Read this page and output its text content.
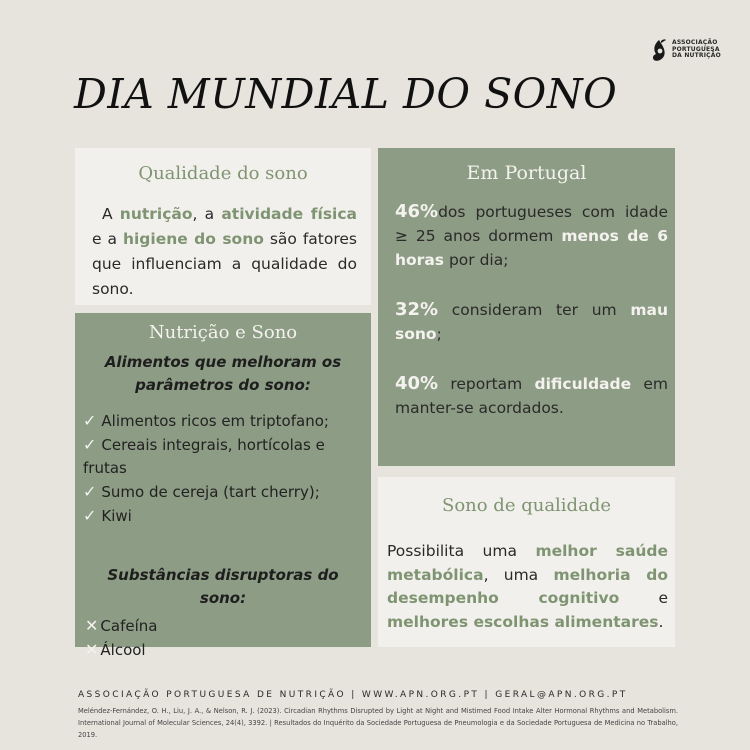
ASSOCIAÇÃO
PORTUGUESA
DA NUTRIÇÃO
DIA MUNDIAL DO SONO
Qualidade do sono

A nutrição, a atividade física e a higiene do sono são fatores que influenciam a qualidade do sono.

Em Portugal

46%dos portugueses com idade ≥ 25 anos dormem menos de 6 horas por dia;

32% consideram ter um mau sono;

40% reportam dificuldade em manter-se acordados.

Nutrição e Sono

Alimentos que melhoram os parâmetros do sono:

✓ Alimentos ricos em triptofano;
✓ Cereais integrais, hortícolas e frutas
✓ Sumo de cereja (tart cherry);
✓ Kiwi

Substâncias disruptoras do sono:

✕ Cafeína
✕ Álcool
Sono de qualidade

Possibilita uma melhor saúde metabólica, uma melhoria do desempenho cognitivo e melhores escolhas alimentares.

ASSOCIAÇÃO PORTUGUESA DE NUTRIÇÃO | WWW.APN.ORG.PT | GERAL@APN.ORG.PT
Meléndez-Fernández, O. H., Liu, J. A., & Nelson, R. J. (2023). Circadian Rhythms Disrupted by Light at Night and Mistimed Food Intake Alter Hormonal Rhythms and Metabolism. International Journal of Molecular Sciences, 24(4), 3392. | Resultados do Inquérito da Sociedade Portuguesa de Pneumologia e da Sociedade Portuguesa de Medicina no Trabalho, 2019.
